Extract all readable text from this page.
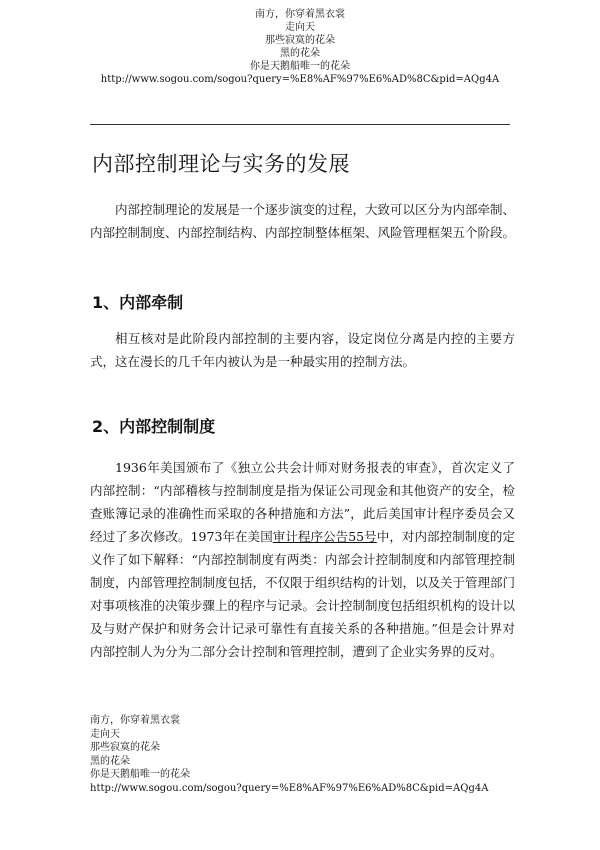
南方，你穿着黑衣裳
走向天
那些寂寞的花朵
黑的花朵
你是天鹅船唯一的花朵
http://www.sogou.com/sogou?query=%E8%AF%97%E6%AD%8C&pid=AQg4A
内部控制理论与实务的发展

内部控制理论的发展是一个逐步演变的过程，大致可以区分为内部牵制、内部控制制度、内部控制结构、内部控制整体框架、风险管理框架五个阶段。

1、内部牵制

相互核对是此阶段内部控制的主要内容，设定岗位分离是内控的主要方式，这在漫长的几千年内被认为是一种最实用的控制方法。

2、内部控制制度

1936年美国颁布了《独立公共会计师对财务报表的审查》，首次定义了内部控制：“内部稽核与控制制度是指为保证公司现金和其他资产的安全，检查账簿记录的准确性而采取的各种措施和方法”，此后美国审计程序委员会又经过了多次修改。1973年在美国审计程序公告55号中，对内部控制制度的定义作了如下解释：“内部控制制度有两类：内部会计控制制度和内部管理控制制度，内部管理控制制度包括，不仅限于组织结构的计划，以及关于管理部门对事项核准的决策步骤上的程序与记录。会计控制制度包括组织机构的设计以及与财产保护和财务会计记录可靠性有直接关系的各种措施。”但是会计界对内部控制人为分为二部分会计控制和管理控制，遭到了企业实务界的反对。

南方，你穿着黑衣裳
走向天
那些寂寞的花朵
黑的花朵
你是天鹅船唯一的花朵
http://www.sogou.com/sogou?query=%E8%AF%97%E6%AD%8C&pid=AQg4A
